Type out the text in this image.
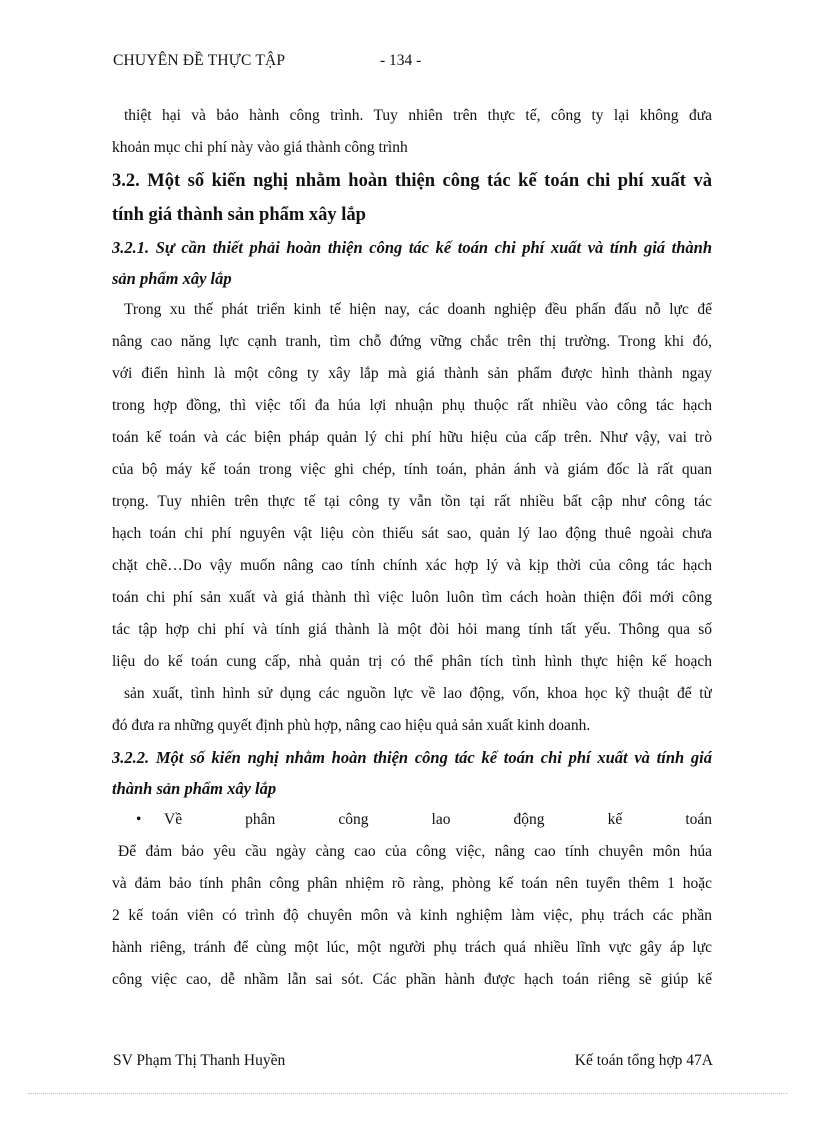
CHUYÊN ĐỀ THỰC TẬP	- 134 -

thiệt hại và bảo hành công trình. Tuy nhiên trên thực tế, công ty lại không đưa
khoản mục chi phí này vào giá thành công trình

3.2. Một số kiến nghị nhằm hoàn thiện công tác kế toán chi phí xuất và
tính giá thành sản phẩm xây lắp
3.2.1. Sự cần thiết phải hoàn thiện công tác kế toán chi phí xuất và tính giá thành
sản phẩm xây lắp

Trong xu thế phát triển kinh tế hiện nay, các doanh nghiệp đều phấn đấu nỗ lực để
nâng cao năng lực cạnh tranh, tìm chỗ đứng vững chắc trên thị trường. Trong khi đó,
với điển hình là một công ty xây lắp mà giá thành sản phẩm được hình thành ngay
trong hợp đồng, thì việc tối đa húa lợi nhuận phụ thuộc rất nhiều vào công tác hạch
toán kế toán và các biện pháp quản lý chi phí hữu hiệu của cấp trên. Như vậy, vai trò
của bộ máy kế toán trong việc ghi chép, tính toán, phản ánh và giám đốc là rất quan
trọng. Tuy nhiên trên thực tế tại công ty vẫn tồn tại rất nhiều bất cập như công tác
hạch toán chi phí nguyên vật liệu còn thiếu sát sao, quản lý lao động thuê ngoài chưa
chặt chẽ…Do vậy muốn nâng cao tính chính xác hợp lý và kịp thời của công tác hạch
toán chi phí sản xuất và giá thành thì việc luôn luôn tìm cách hoàn thiện đổi mới công
tác tập hợp chi phí và tính giá thành là một đòi hỏi mang tính tất yếu. Thông qua số
liệu do kế toán cung cấp, nhà quản trị có thể phân tích tình hình thực hiện kế hoạch
sản xuất, tình hình sử dụng các nguồn lực về lao động, vốn, khoa học kỹ thuật để từ
đó đưa ra những quyết định phù hợp, nâng cao hiệu quả sản xuất kinh doanh.

3.2.2. Một số kiến nghị nhằm hoàn thiện công tác kế toán chi phí xuất và tính giá
thành sản phẩm xây lắp
• Về	phân	công	lao	động	kế	toán

Để đảm bảo yêu cầu ngày càng cao của công việc, nâng cao tính chuyên môn húa
và đảm bảo tính phân công phân nhiệm rõ ràng, phòng kế toán nên tuyển thêm 1 hoặc
2 kế toán viên có trình độ chuyên môn và kinh nghiệm làm việc, phụ trách các phần
hành riêng, tránh để cùng một lúc, một người phụ trách quá nhiều lĩnh vực gây áp lực
công việc cao, dễ nhầm lẫn sai sót. Các phần hành được hạch toán riêng sẽ giúp kế

SV Phạm Thị Thanh Huyền	Kế toán tổng hợp 47A
